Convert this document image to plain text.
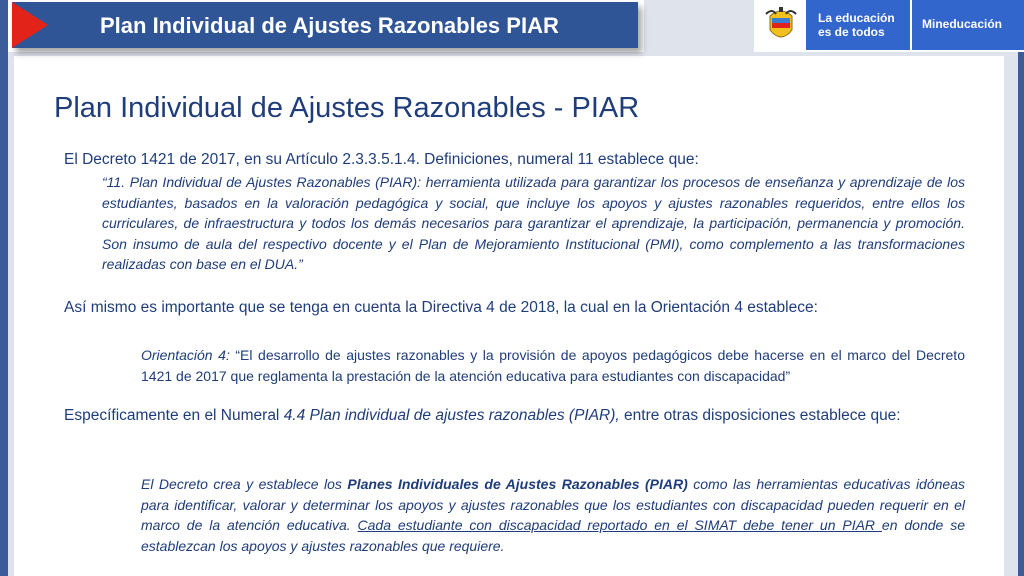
Plan Individual de Ajustes Razonables PIAR	La educación
es de todos
Mineducación
Plan Individual de Ajustes Razonables - PIAR
El Decreto 1421 de 2017, en su Artículo 2.3.3.5.1.4. Definiciones, numeral 11 establece que:
“11. Plan Individual de Ajustes Razonables (PIAR): herramienta utilizada para garantizar los procesos de enseñanza y aprendizaje de los estudiantes, basados en la valoración pedagógica y social, que incluye los apoyos y ajustes razonables requeridos, entre ellos los curriculares, de infraestructura y todos los demás necesarios para garantizar el aprendizaje, la participación, permanencia y promoción. Son insumo de aula del respectivo docente y el Plan de Mejoramiento Institucional (PMI), como complemento a las transformaciones realizadas con base en el DUA.”
Así mismo es importante que se tenga en cuenta la Directiva 4 de 2018, la cual en la Orientación 4 establece:
Orientación 4: “El desarrollo de ajustes razonables y la provisión de apoyos pedagógicos debe hacerse en el marco del Decreto 1421 de 2017 que reglamenta la prestación de la atención educativa para estudiantes con discapacidad”
Específicamente en el Numeral 4.4 Plan individual de ajustes razonables (PIAR), entre otras disposiciones establece que:
El Decreto crea y establece los Planes Individuales de Ajustes Razonables (PIAR) como las herramientas educativas idóneas para identificar, valorar y determinar los apoyos y ajustes razonables que los estudiantes con discapacidad pueden requerir en el marco de la atención educativa. Cada estudiante con discapacidad reportado en el SIMAT debe tener un PIAR en donde se establezcan los apoyos y ajustes razonables que requiere.
